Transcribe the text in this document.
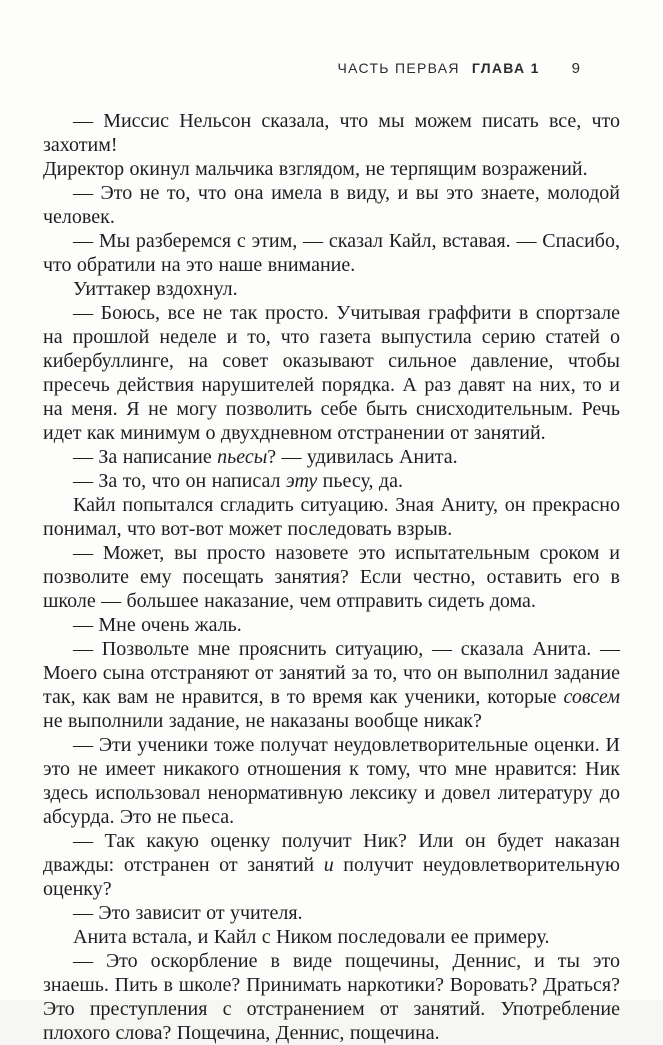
ЧАСТЬ ПЕРВАЯ ГЛАВА 1 9

— Миссис Нельсон сказала, что мы можем писать все, что захотим!

Директор окинул мальчика взглядом, не терпящим возражений.

— Это не то, что она имела в виду, и вы это знаете, молодой человек.

— Мы разберемся с этим, — сказал Кайл, вставая. — Спасибо, что обратили на это наше внимание.

Уиттакер вздохнул.

— Боюсь, все не так просто. Учитывая граффити в спортзале на прошлой неделе и то, что газета выпустила серию статей о кибербуллинге, на совет оказывают сильное давление, чтобы пресечь действия нарушителей порядка. А раз давят на них, то и на меня. Я не могу позволить себе быть снисходительным. Речь идет как минимум о двухдневном отстранении от занятий.

— За написание пьесы? — удивилась Анита.

— За то, что он написал эту пьесу, да.

Кайл попытался сгладить ситуацию. Зная Аниту, он прекрасно понимал, что вот-вот может последовать взрыв.

— Может, вы просто назовете это испытательным сроком и позволите ему посещать занятия? Если честно, оставить его в школе — большее наказание, чем отправить сидеть дома.

— Мне очень жаль.

— Позвольте мне прояснить ситуацию, — сказала Анита. — Моего сына отстраняют от занятий за то, что он выполнил задание так, как вам не нравится, в то время как ученики, которые совсем не выполнили задание, не наказаны вообще никак?

— Эти ученики тоже получат неудовлетворительные оценки. И это не имеет никакого отношения к тому, что мне нравится: Ник здесь использовал ненормативную лексику и довел литературу до абсурда. Это не пьеса.

— Так какую оценку получит Ник? Или он будет наказан дважды: отстранен от занятий и получит неудовлетворительную оценку?

— Это зависит от учителя.

Анита встала, и Кайл с Ником последовали ее примеру.

— Это оскорбление в виде пощечины, Деннис, и ты это знаешь. Пить в школе? Принимать наркотики? Воровать? Драться? Это преступления с отстранением от занятий. Употребление плохого слова? Пощечина, Деннис, пощечина.
